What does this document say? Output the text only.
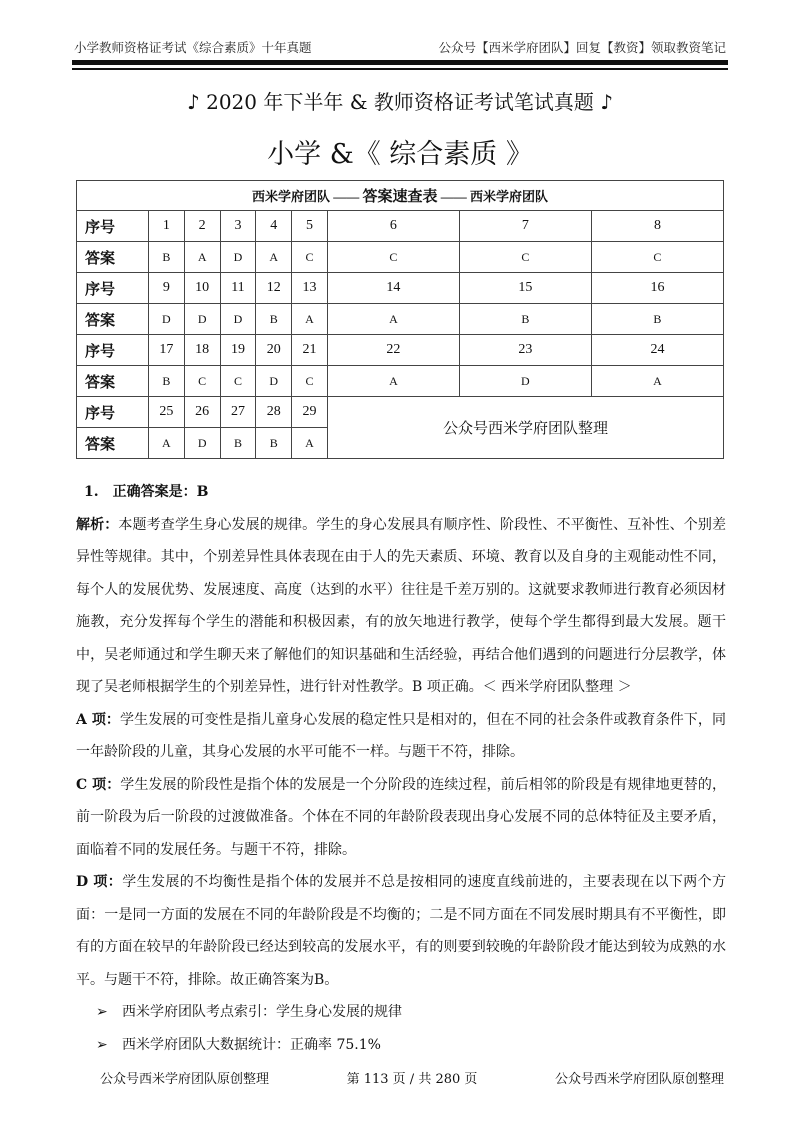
小学教师资格证考试《综合素质》十年真题	公众号【西米学府团队】回复【教资】领取教资笔记
♪ 2020 年下半年 & 教师资格证考试笔试真题 ♪
小学 &《 综合素质 》
西米学府团队 —— 答案速查表 —— 西米学府团队								
序号	1	2	3	4	5	6	7	8
答案	B	A	D	A	C	C	C	C
序号	9	10	11	12	13	14	15	16
答案	D	D	D	B	A	A	B	B
序号	17	18	19	20	21	22	23	24
答案	B	C	C	D	C	A	D	A
序号	25	26	27	28	29	公众号西米学府团队整理		
答案	A	D	B	B	A			

1.　正确答案是：B

解析：本题考查学生身心发展的规律。学生的身心发展具有顺序性、阶段性、不平衡性、互补性、个别差异性等规律。其中，个别差异性具体表现在由于人的先天素质、环境、教育以及自身的主观能动性不同，每个人的发展优势、发展速度、高度（达到的水平）往往是千差万别的。这就要求教师进行教育必须因材施教，充分发挥每个学生的潜能和积极因素，有的放矢地进行教学，使每个学生都得到最大发展。题干中，吴老师通过和学生聊天来了解他们的知识基础和生活经验，再结合他们遇到的问题进行分层教学，体现了吴老师根据学生的个别差异性，进行针对性教学。B 项正确。＜ 西米学府团队整理 ＞

A 项：学生发展的可变性是指儿童身心发展的稳定性只是相对的，但在不同的社会条件或教育条件下，同一年龄阶段的儿童，其身心发展的水平可能不一样。与题干不符，排除。

C 项：学生发展的阶段性是指个体的发展是一个分阶段的连续过程，前后相邻的阶段是有规律地更替的，前一阶段为后一阶段的过渡做准备。个体在不同的年龄阶段表现出身心发展不同的总体特征及主要矛盾，面临着不同的发展任务。与题干不符，排除。

D 项：学生发展的不均衡性是指个体的发展并不总是按相同的速度直线前进的，主要表现在以下两个方面：一是同一方面的发展在不同的年龄阶段是不均衡的；二是不同方面在不同发展时期具有不平衡性，即有的方面在较早的年龄阶段已经达到较高的发展水平，有的则要到较晚的年龄阶段才能达到较为成熟的水平。与题干不符，排除。故正确答案为B。

➢ 西米学府团队考点索引：学生身心发展的规律

➢ 西米学府团队大数据统计：正确率 75.1%

公众号西米学府团队原创整理	第 113 页 / 共 280 页	公众号西米学府团队原创整理
